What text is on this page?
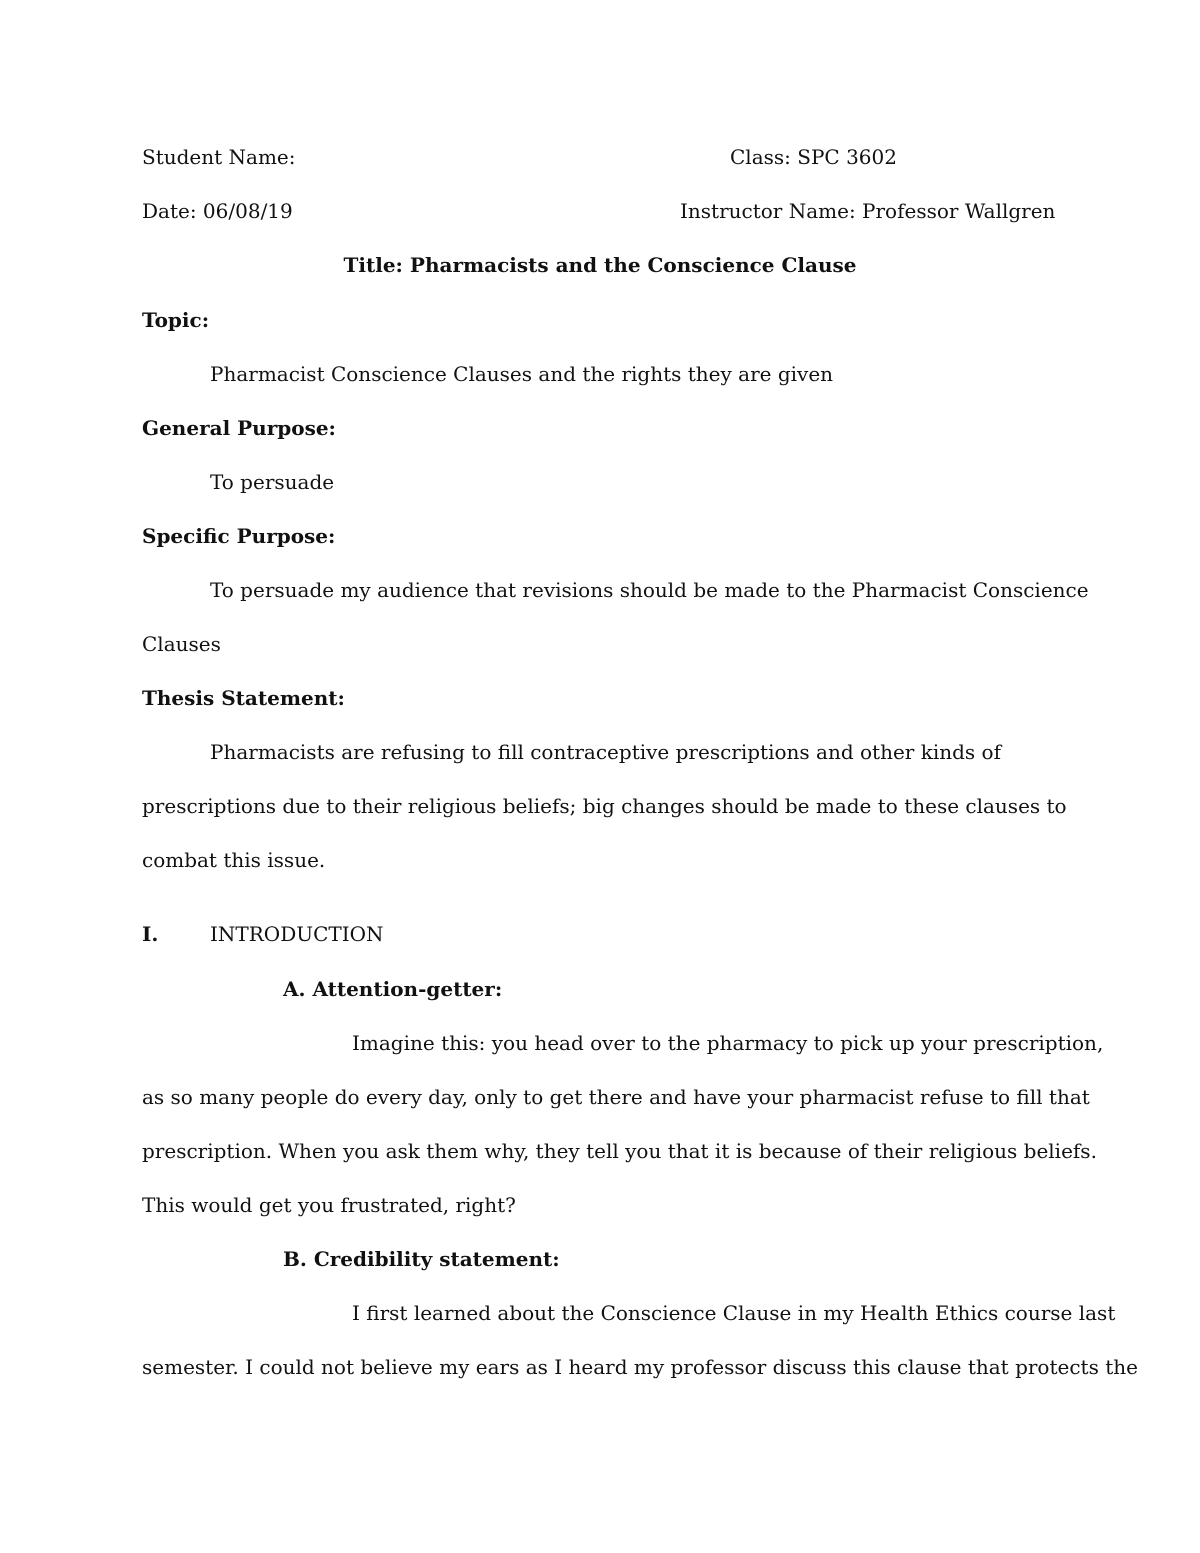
Student Name:	Class: SPC 3602
Date: 06/08/19	Instructor Name: Professor Wallgren
Title: Pharmacists and the Conscience Clause
Topic:
Pharmacist Conscience Clauses and the rights they are given
General Purpose:
To persuade
Specific Purpose:
To persuade my audience that revisions should be made to the Pharmacist Conscience
Clauses
Thesis Statement:
Pharmacists are refusing to fill contraceptive prescriptions and other kinds of
prescriptions due to their religious beliefs; big changes should be made to these clauses to
combat this issue.
I.	INTRODUCTION
A. Attention-getter:
Imagine this: you head over to the pharmacy to pick up your prescription,
as so many people do every day, only to get there and have your pharmacist refuse to fill that
prescription. When you ask them why, they tell you that it is because of their religious beliefs.
This would get you frustrated, right?
B. Credibility statement:
I first learned about the Conscience Clause in my Health Ethics course last
semester. I could not believe my ears as I heard my professor discuss this clause that protects the
